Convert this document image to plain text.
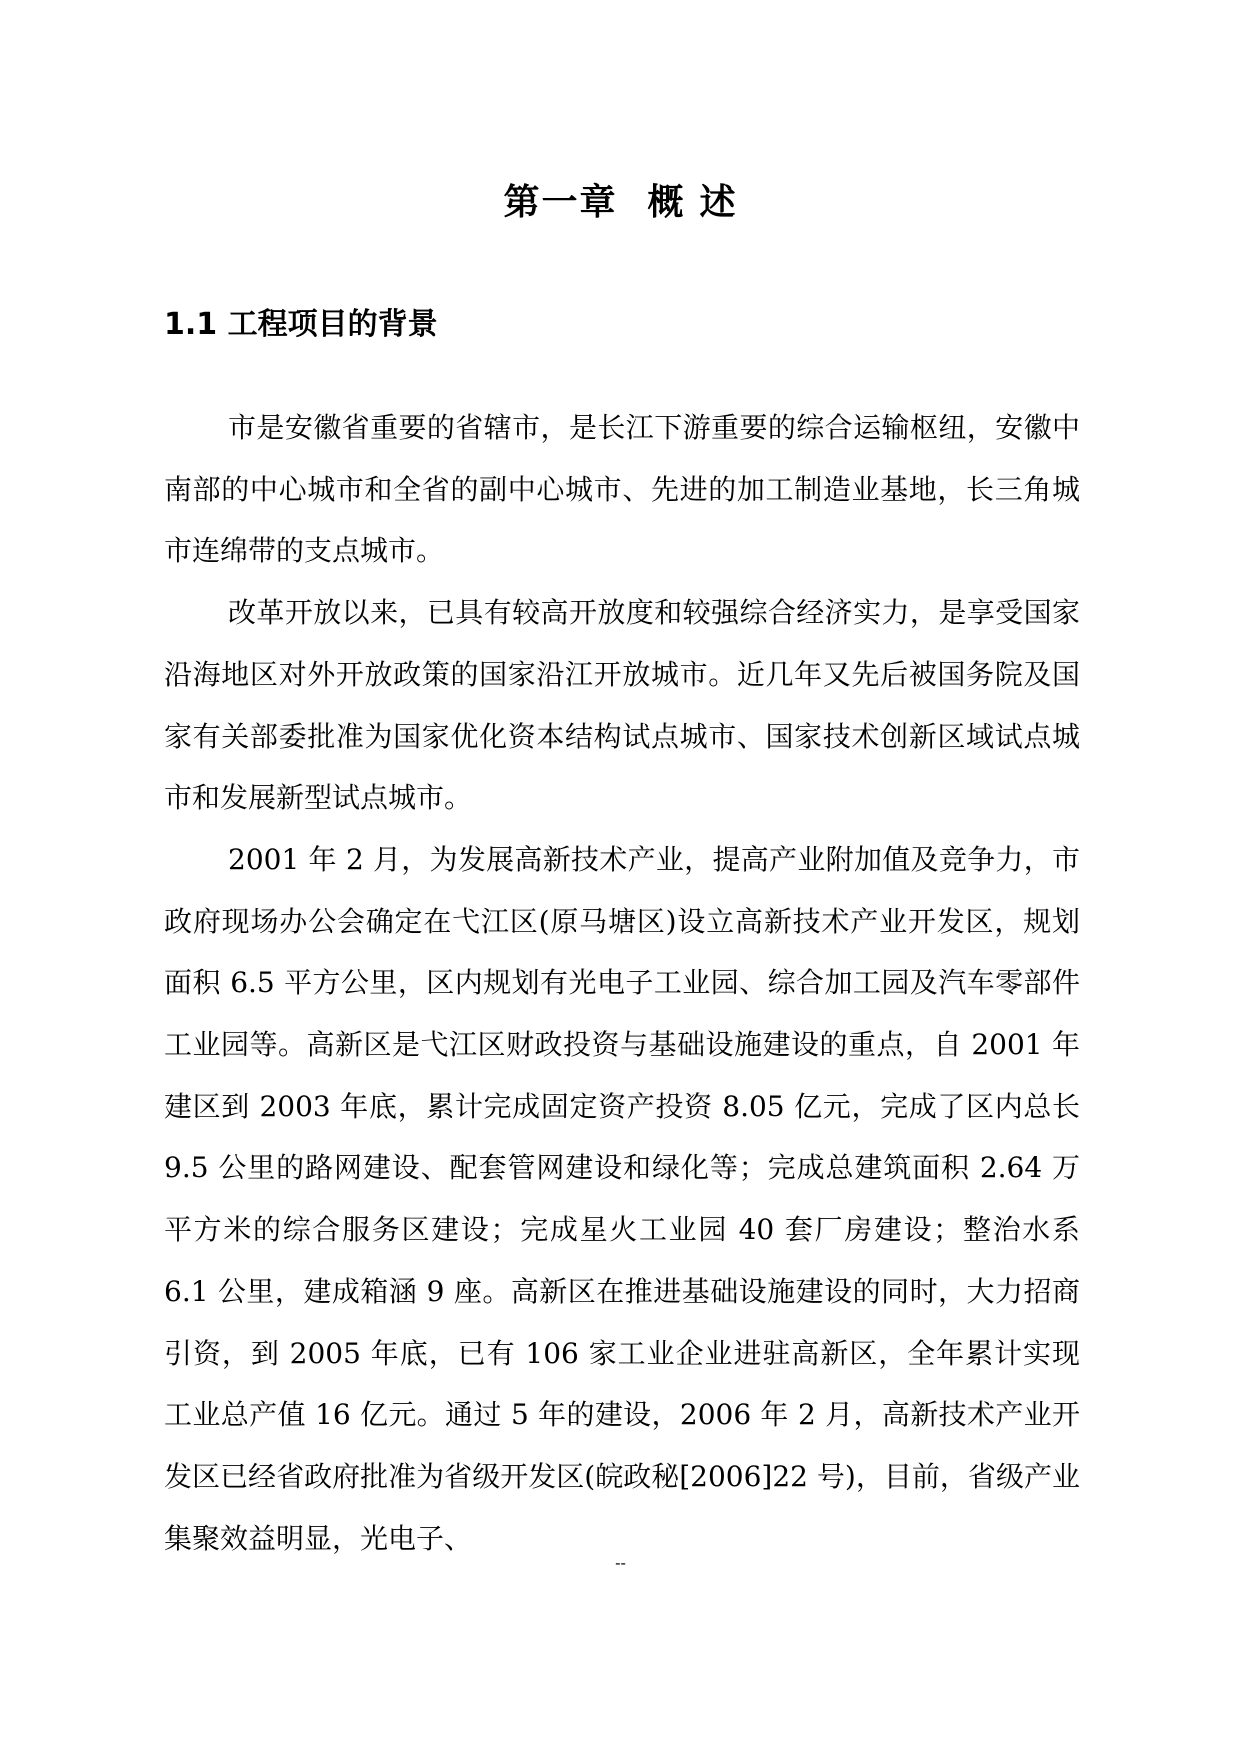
第一章 概 述
1.1 工程项目的背景

市是安徽省重要的省辖市，是长江下游重要的综合运输枢纽，安徽中南部的中心城市和全省的副中心城市、先进的加工制造业基地，长三角城市连绵带的支点城市。

改革开放以来，已具有较高开放度和较强综合经济实力，是享受国家沿海地区对外开放政策的国家沿江开放城市。近几年又先后被国务院及国家有关部委批准为国家优化资本结构试点城市、国家技术创新区域试点城市和发展新型试点城市。

2001 年 2 月，为发展高新技术产业，提高产业附加值及竞争力，市政府现场办公会确定在弋江区(原马塘区)设立高新技术产业开发区，规划面积 6.5 平方公里，区内规划有光电子工业园、综合加工园及汽车零部件工业园等。高新区是弋江区财政投资与基础设施建设的重点，自 2001 年建区到 2003 年底，累计完成固定资产投资 8.05 亿元，完成了区内总长 9.5 公里的路网建设、配套管网建设和绿化等；完成总建筑面积 2.64 万平方米的综合服务区建设；完成星火工业园 40 套厂房建设；整治水系　6.1 公里，建成箱涵 9 座。高新区在推进基础设施建设的同时，大力招商引资，到 2005 年底，已有 106 家工业企业进驻高新区，全年累计实现工业总产值 16 亿元。通过 5 年的建设，2006 年 2 月，高新技术产业开发区已经省政府批准为省级开发区(皖政秘[2006]22 号)，目前，省级产业集聚效益明显，光电子、

--
